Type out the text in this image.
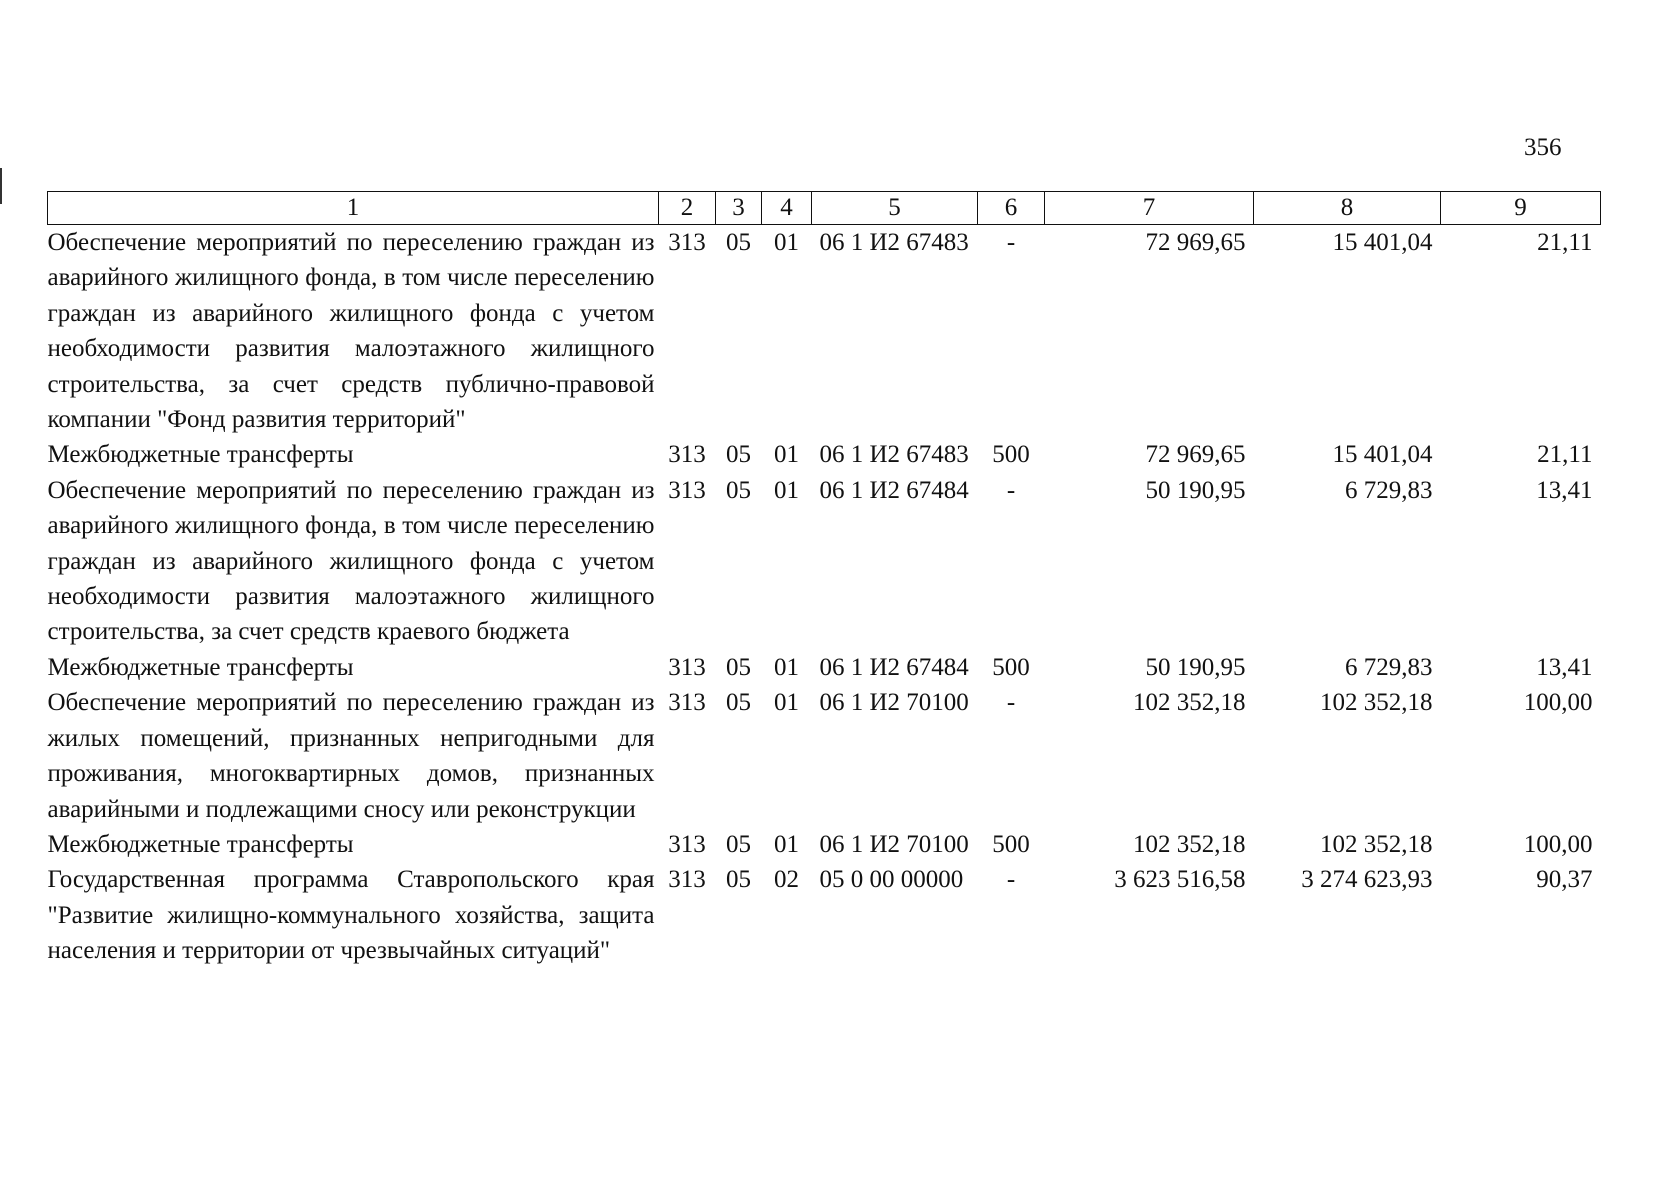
356
1	2	3	4	5	6	7	8	9
Обеспечение мероприятий по переселению граждан из аварийного жилищного фонда, в том числе переселению граждан из аварийного жилищного фонда с учетом необходимости развития малоэтажного жилищного строительства, за счет средств публично-правовой компании "Фонд развития территорий"	313	05	01	06 1 И2 67483	-	72 969,65	15 401,04	21,11
Межбюджетные трансферты	313	05	01	06 1 И2 67483	500	72 969,65	15 401,04	21,11
Обеспечение мероприятий по переселению граждан из аварийного жилищного фонда, в том числе переселению граждан из аварийного жилищного фонда с учетом необходимости развития малоэтажного жилищного строительства, за счет средств краевого бюджета	313	05	01	06 1 И2 67484	-	50 190,95	6 729,83	13,41
Межбюджетные трансферты	313	05	01	06 1 И2 67484	500	50 190,95	6 729,83	13,41
Обеспечение мероприятий по переселению граждан из жилых помещений, признанных непригодными для проживания, многоквартирных домов, признанных аварийными и подлежащими сносу или реконструкции	313	05	01	06 1 И2 70100	-	102 352,18	102 352,18	100,00
Межбюджетные трансферты	313	05	01	06 1 И2 70100	500	102 352,18	102 352,18	100,00
Государственная программа Ставропольского края "Развитие жилищно-коммунального хозяйства, защита населения и территории от чрезвычайных ситуаций"	313	05	02	05 0 00 00000	-	3 623 516,58	3 274 623,93	90,37
